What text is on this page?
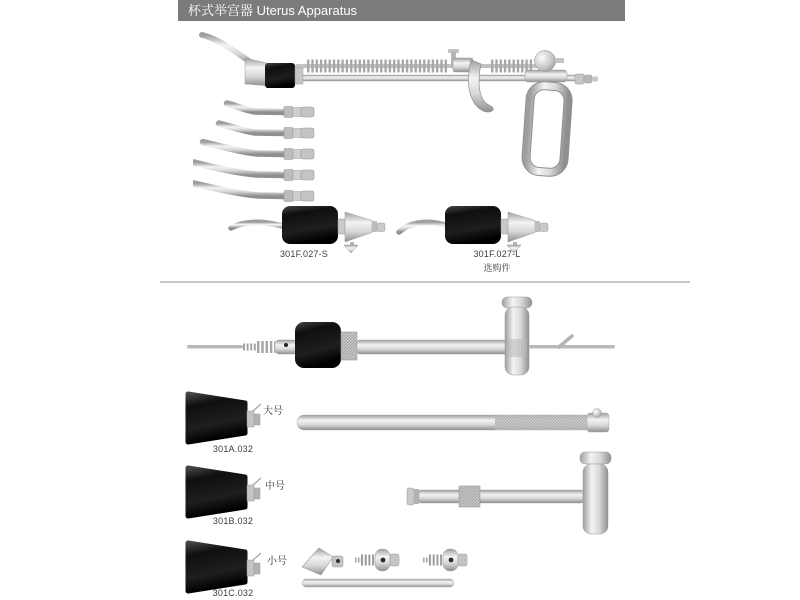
杯式举宫器 Uterus Apparatus
301F.027-S	301F.027-L
选购件
大号
301A.032
中号
301B.032
小号
301C.032
